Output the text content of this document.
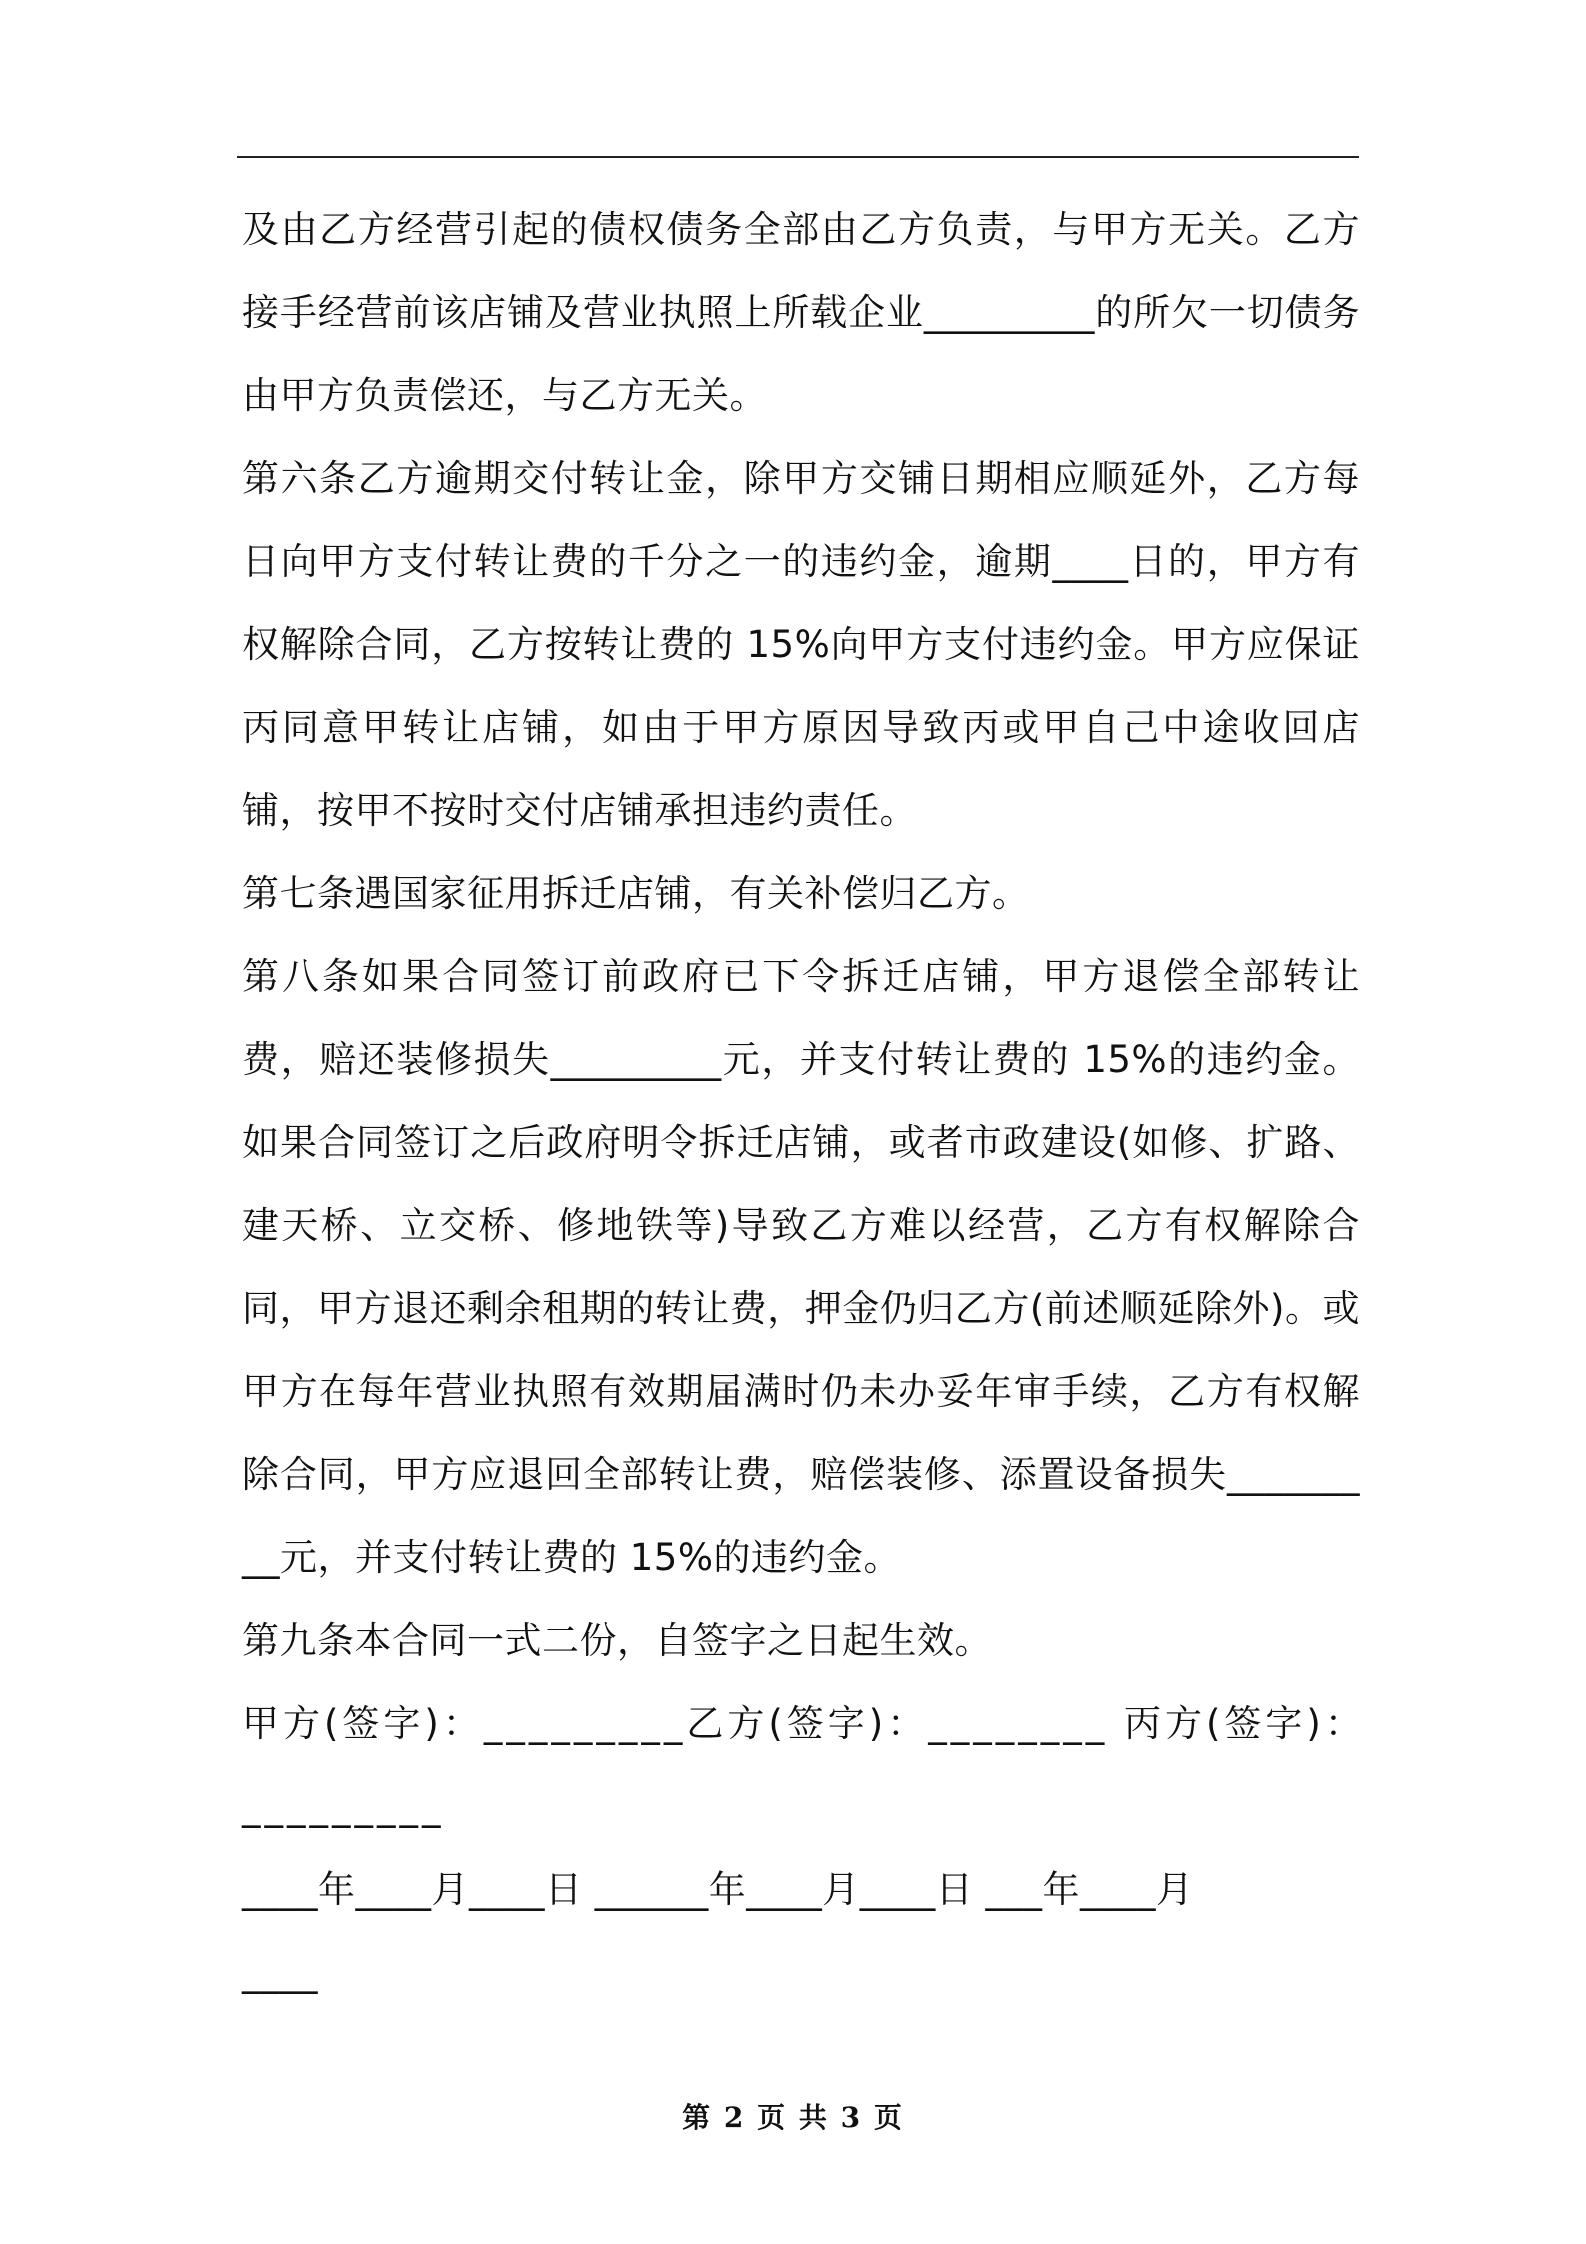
及由乙方经营引起的债权债务全部由乙方负责，与甲方无关。乙方接手经营前该店铺及营业执照上所载企业_________的所欠一切债务由甲方负责偿还，与乙方无关。

第六条乙方逾期交付转让金，除甲方交铺日期相应顺延外，乙方每日向甲方支付转让费的千分之一的违约金，逾期____日的，甲方有权解除合同，乙方按转让费的 15%向甲方支付违约金。甲方应保证丙同意甲转让店铺，如由于甲方原因导致丙或甲自己中途收回店铺，按甲不按时交付店铺承担违约责任。

第七条遇国家征用拆迁店铺，有关补偿归乙方。

第八条如果合同签订前政府已下令拆迁店铺，甲方退偿全部转让费，赔还装修损失_________元，并支付转让费的 15%的违约金。如果合同签订之后政府明令拆迁店铺，或者市政建设(如修、扩路、建天桥、立交桥、修地铁等)导致乙方难以经营，乙方有权解除合同，甲方退还剩余租期的转让费，押金仍归乙方(前述顺延除外)。或甲方在每年营业执照有效期届满时仍未办妥年审手续，乙方有权解除合同，甲方应退回全部转让费，赔偿装修、添置设备损失_________元，并支付转让费的 15%的违约金。

第九条本合同一式二份，自签字之日起生效。

甲方(签字)：_________乙方(签字)：________ 丙方(签字)：

_________

____年____月____日 ______年____月____日 ___年____月

____

第 2 页 共 3 页
